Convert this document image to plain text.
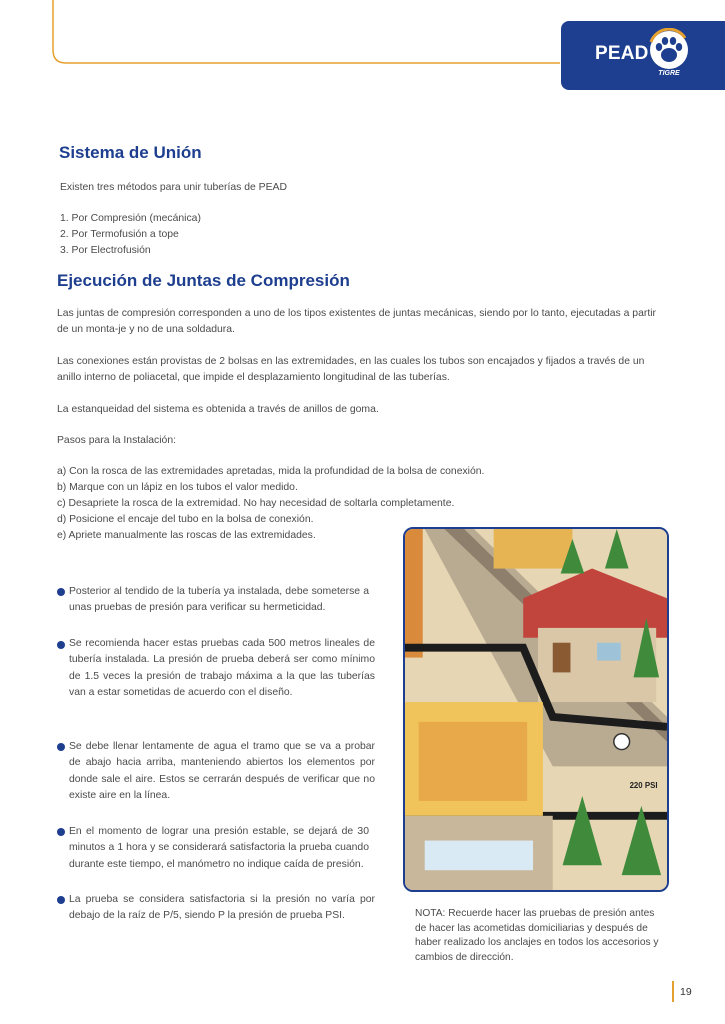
PEAD
TIGRE
Sistema de Unión
Existen tres métodos para unir tuberías de PEAD
1. Por Compresión (mecánica)
2. Por Termofusión a tope
3. Por Electrofusión
Ejecución de Juntas de Compresión
Las juntas de compresión corresponden a uno de los tipos existentes de juntas mecánicas, siendo por lo tanto, ejecutadas a partir de un monta-je y no de una soldadura.
Las conexiones están provistas de 2 bolsas en las extremidades, en las cuales los tubos son encajados y fijados a través de un anillo interno de poliacetal, que impide el desplazamiento longitudinal de las tuberías.
La estanqueidad del sistema es obtenida a través de anillos de goma.
Pasos para la Instalación:
a) Con la rosca de las extremidades apretadas, mida la profundidad de la bolsa de conexión.
b) Marque con un lápiz en los tubos el valor medido.
c) Desapriete la rosca de la extremidad. No hay necesidad de soltarla completamente.
d) Posicione el encaje del tubo en la bolsa de conexión.
e) Apriete manualmente las roscas de las extremidades.
Posterior al tendido de la tubería ya instalada, debe someterse a unas pruebas de presión para verificar su hermeticidad.
Se recomienda hacer estas pruebas cada 500 metros lineales de tubería instalada. La presión de prueba deberá ser como mínimo de 1.5 veces la presión de trabajo máxima a la que las tuberías van a estar sometidas de acuerdo con el diseño.
Se debe llenar lentamente de agua el tramo que se va a probar de abajo hacia arriba, manteniendo abiertos los elementos por donde sale el aire. Estos se cerrarán después de verificar que no existe aire en la línea.
En el momento de lograr una presión estable, se dejará de 30 minutos a 1 hora y se considerará satisfactoria la prueba cuando durante este tiempo, el manómetro no indique caída de presión.
La prueba se considera satisfactoria si la presión no varía por debajo de la raíz de P/5, siendo P la presión de prueba PSI.
220 PSI
NOTA: Recuerde hacer las pruebas de presión antes de hacer las acometidas domiciliarias y después de haber realizado los anclajes en todos los accesorios y cambios de dirección.
19
